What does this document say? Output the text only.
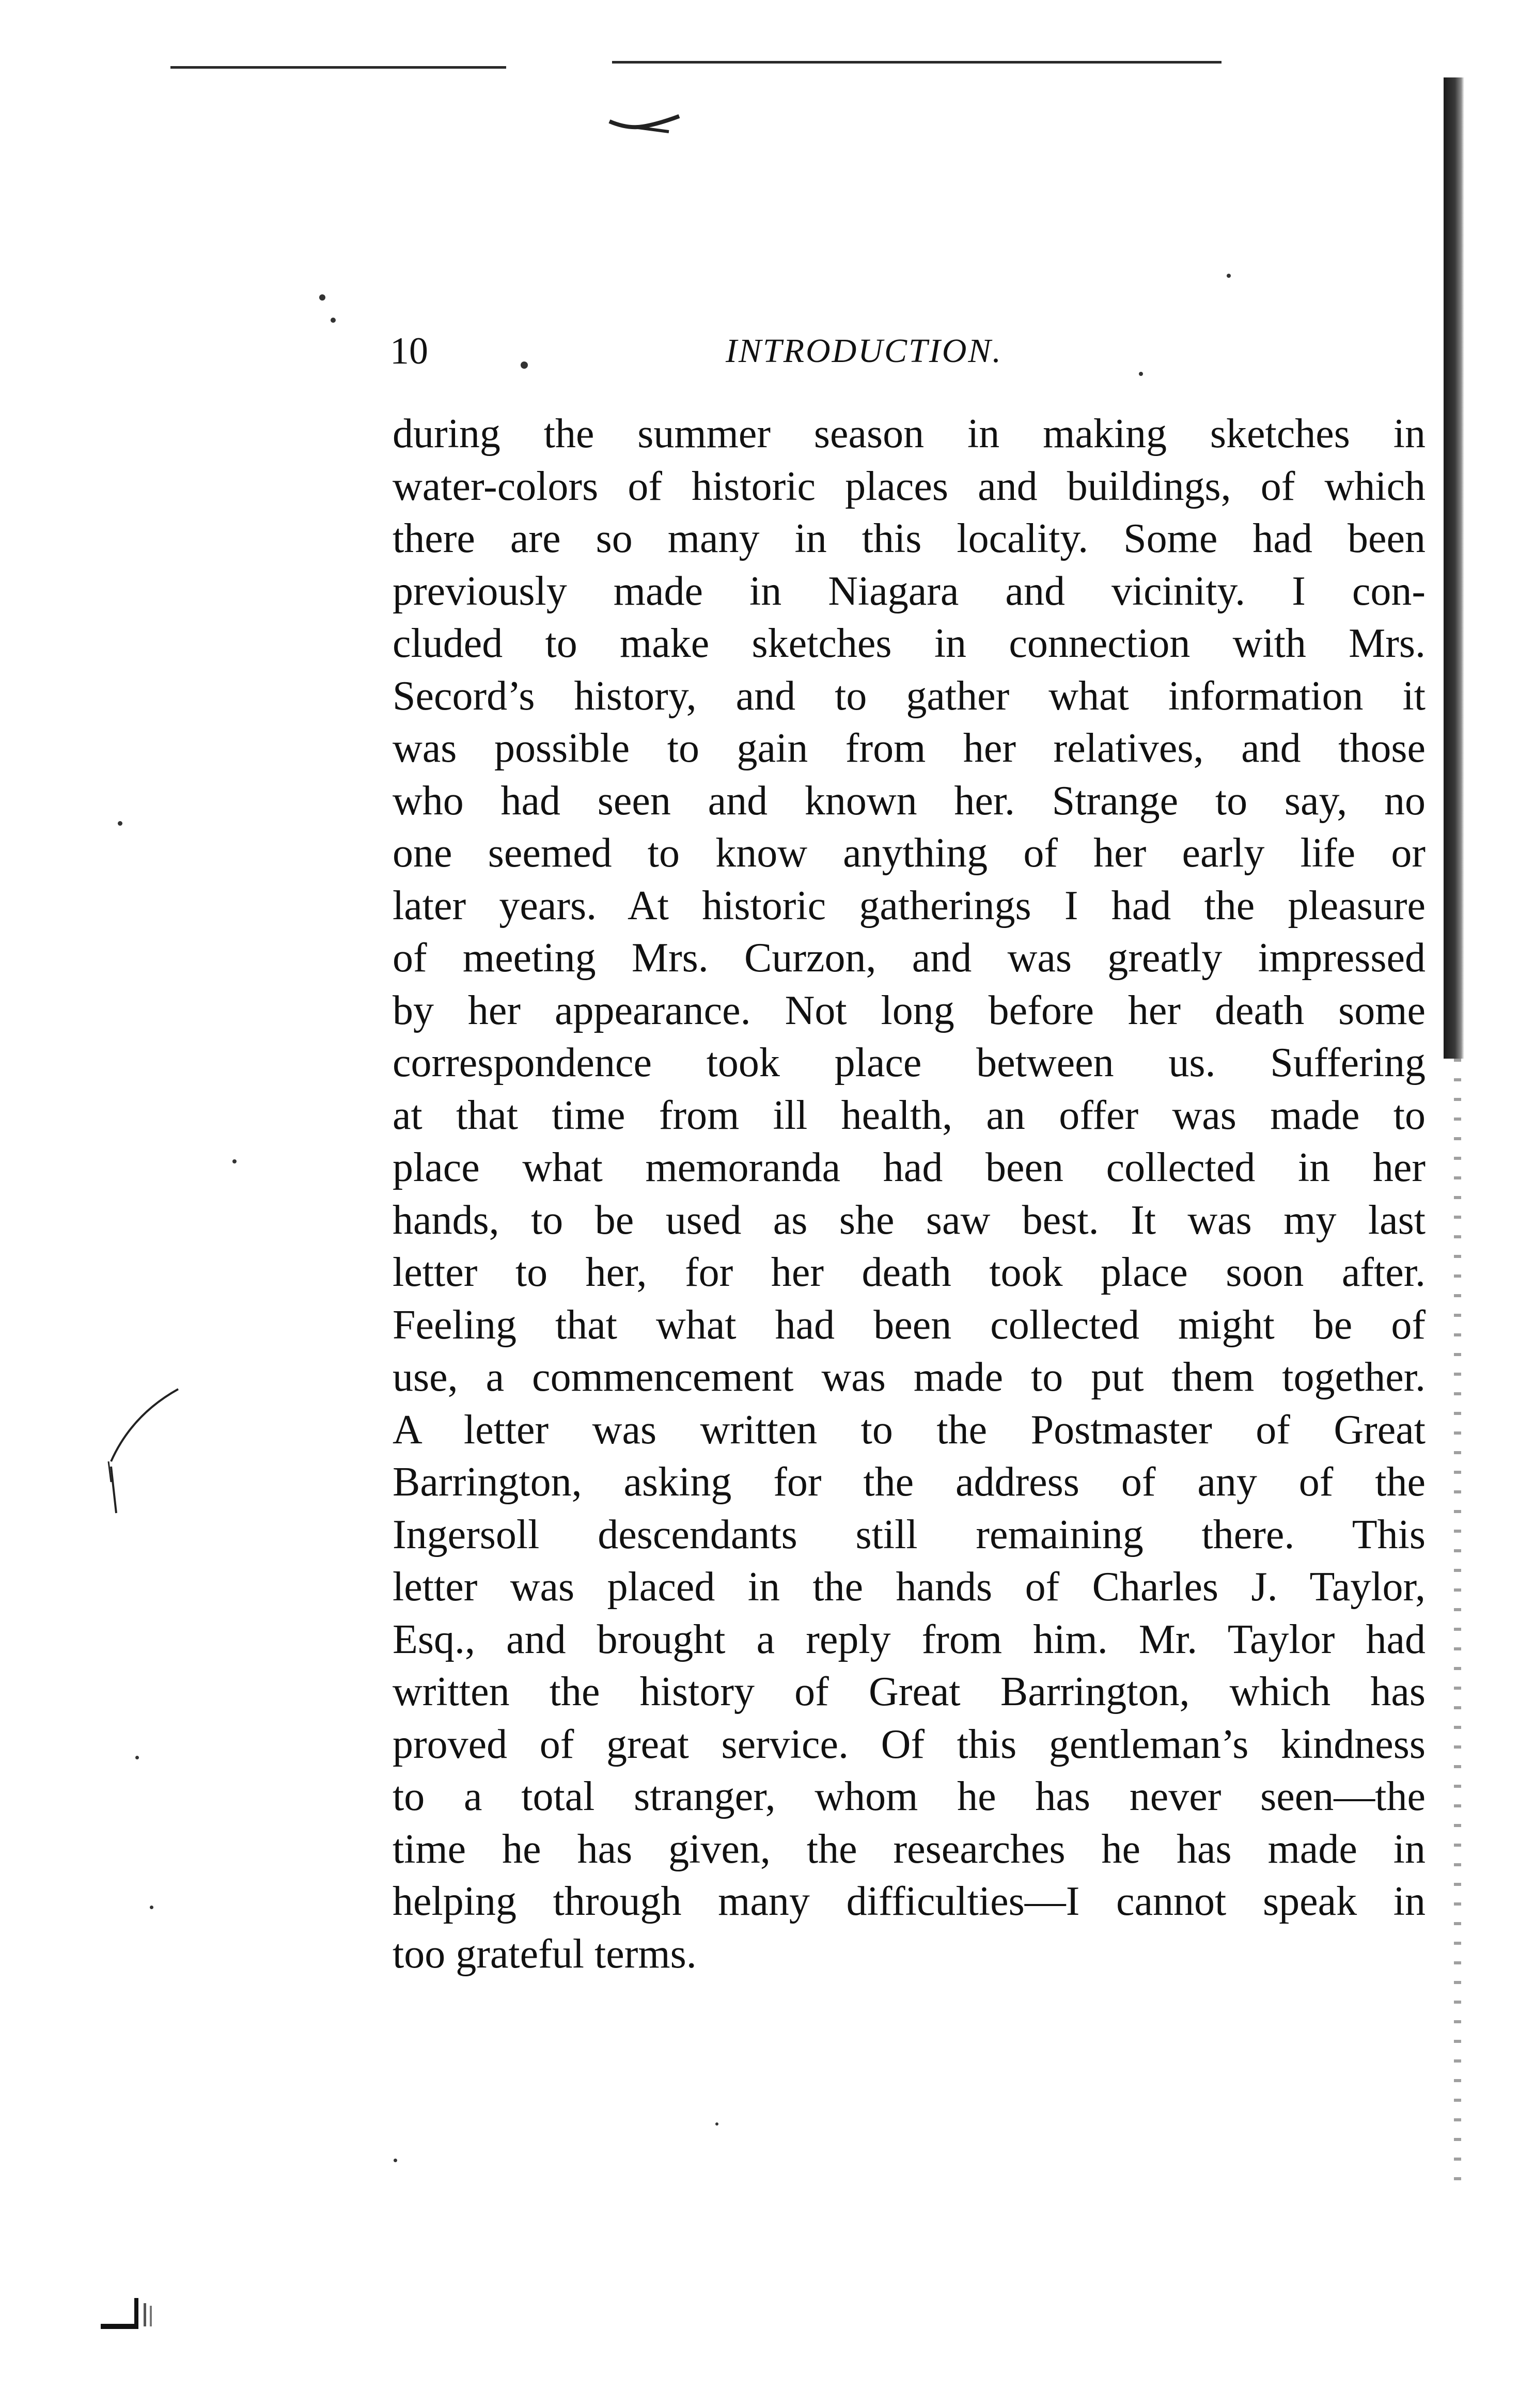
10	INTRODUCTION.
during the summer season in making sketches in
water-colors of historic places and buildings, of which
there are so many in this locality. Some had been
previously made in Niagara and vicinity. I con-
cluded to make sketches in connection with Mrs.
Secord’s history, and to gather what information it
was possible to gain from her relatives, and those
who had seen and known her. Strange to say, no
one seemed to know anything of her early life or
later years. At historic gatherings I had the pleasure
of meeting Mrs. Curzon, and was greatly impressed
by her appearance. Not long before her death some
correspondence took place between us. Suffering
at that time from ill health, an offer was made to
place what memoranda had been collected in her
hands, to be used as she saw best. It was my last
letter to her, for her death took place soon after.
Feeling that what had been collected might be of
use, a commencement was made to put them together.
A letter was written to the Postmaster of Great
Barrington, asking for the address of any of the
Ingersoll descendants still remaining there. This
letter was placed in the hands of Charles J. Taylor,
Esq., and brought a reply from him. Mr. Taylor had
written the history of Great Barrington, which has
proved of great service. Of this gentleman’s kindness
to a total stranger, whom he has never seen—the
time he has given, the researches he has made in
helping through many difficulties—I cannot speak in
too grateful terms.
